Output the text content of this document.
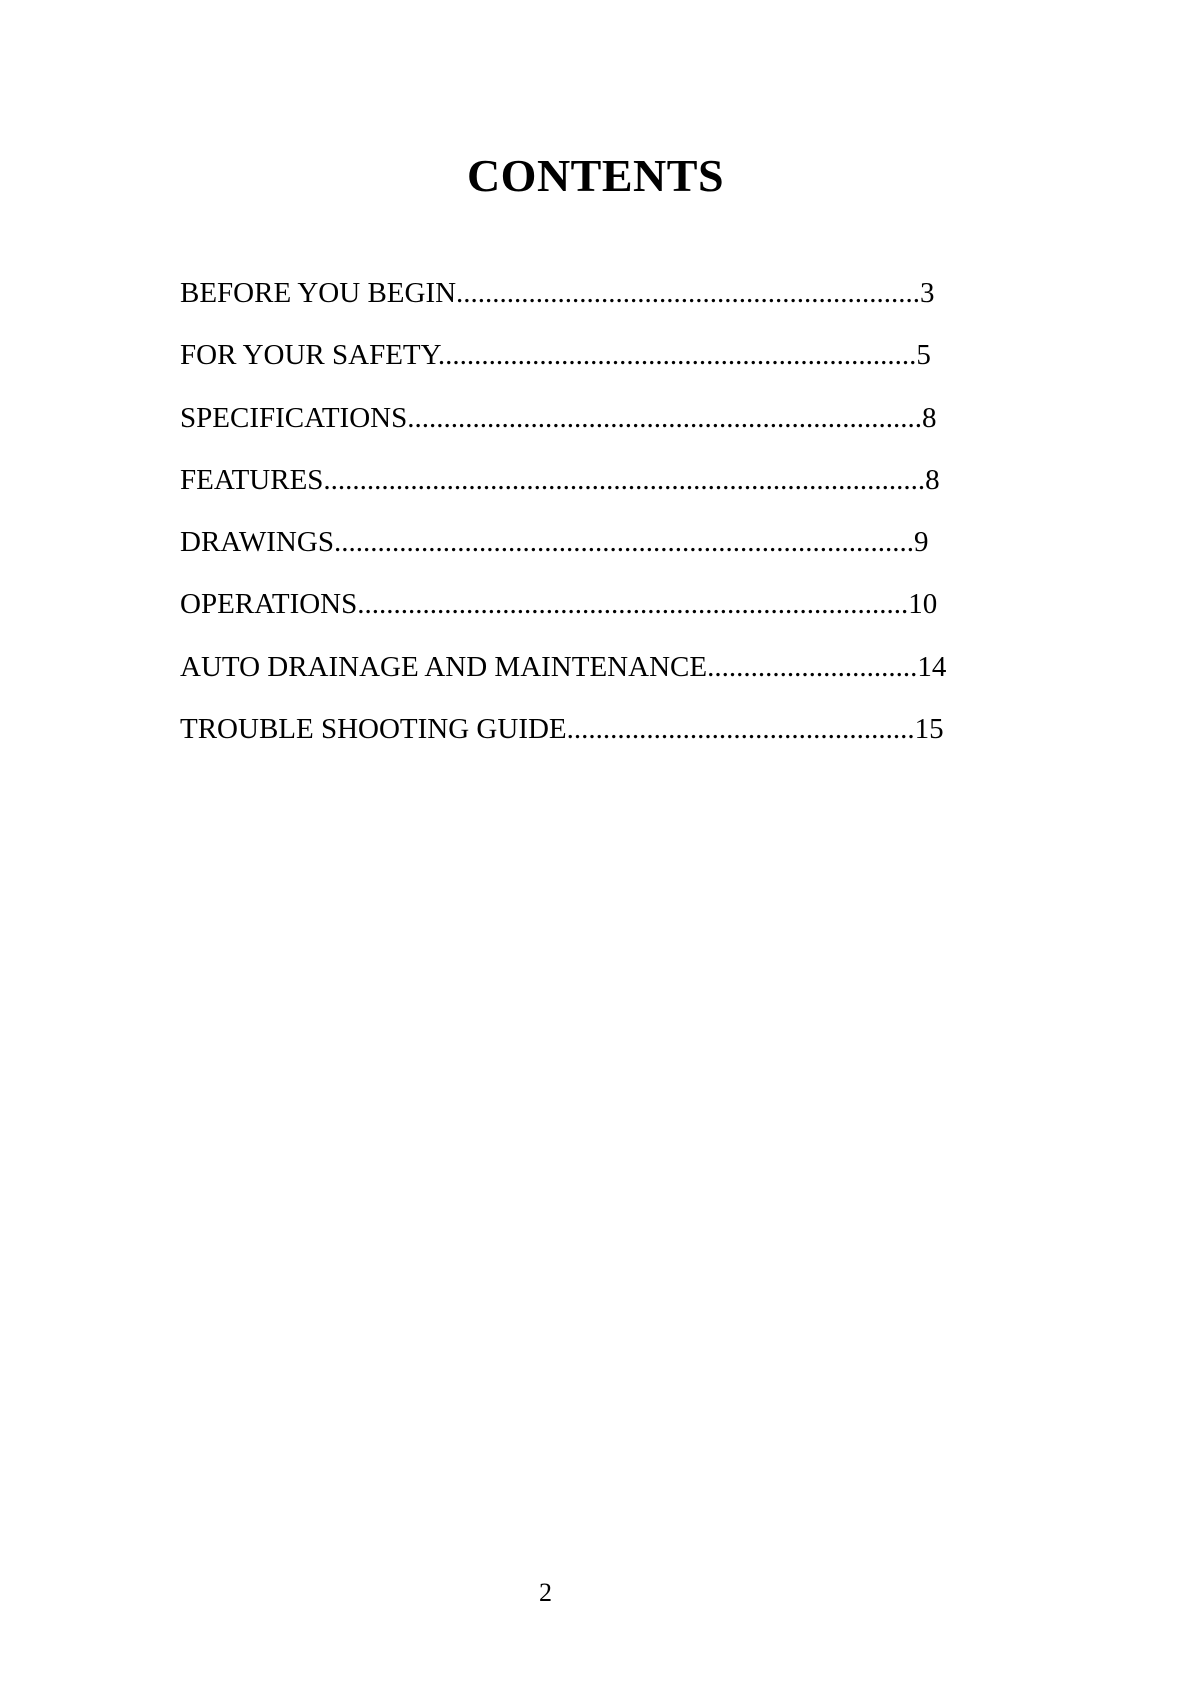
CONTENTS
BEFORE YOU BEGIN................................................................3
FOR YOUR SAFETY..................................................................5
SPECIFICATIONS.......................................................................8
FEATURES...................................................................................8
DRAWINGS................................................................................9
OPERATIONS............................................................................10
AUTO DRAINAGE AND MAINTENANCE.............................14
TROUBLE SHOOTING GUIDE................................................15

2
